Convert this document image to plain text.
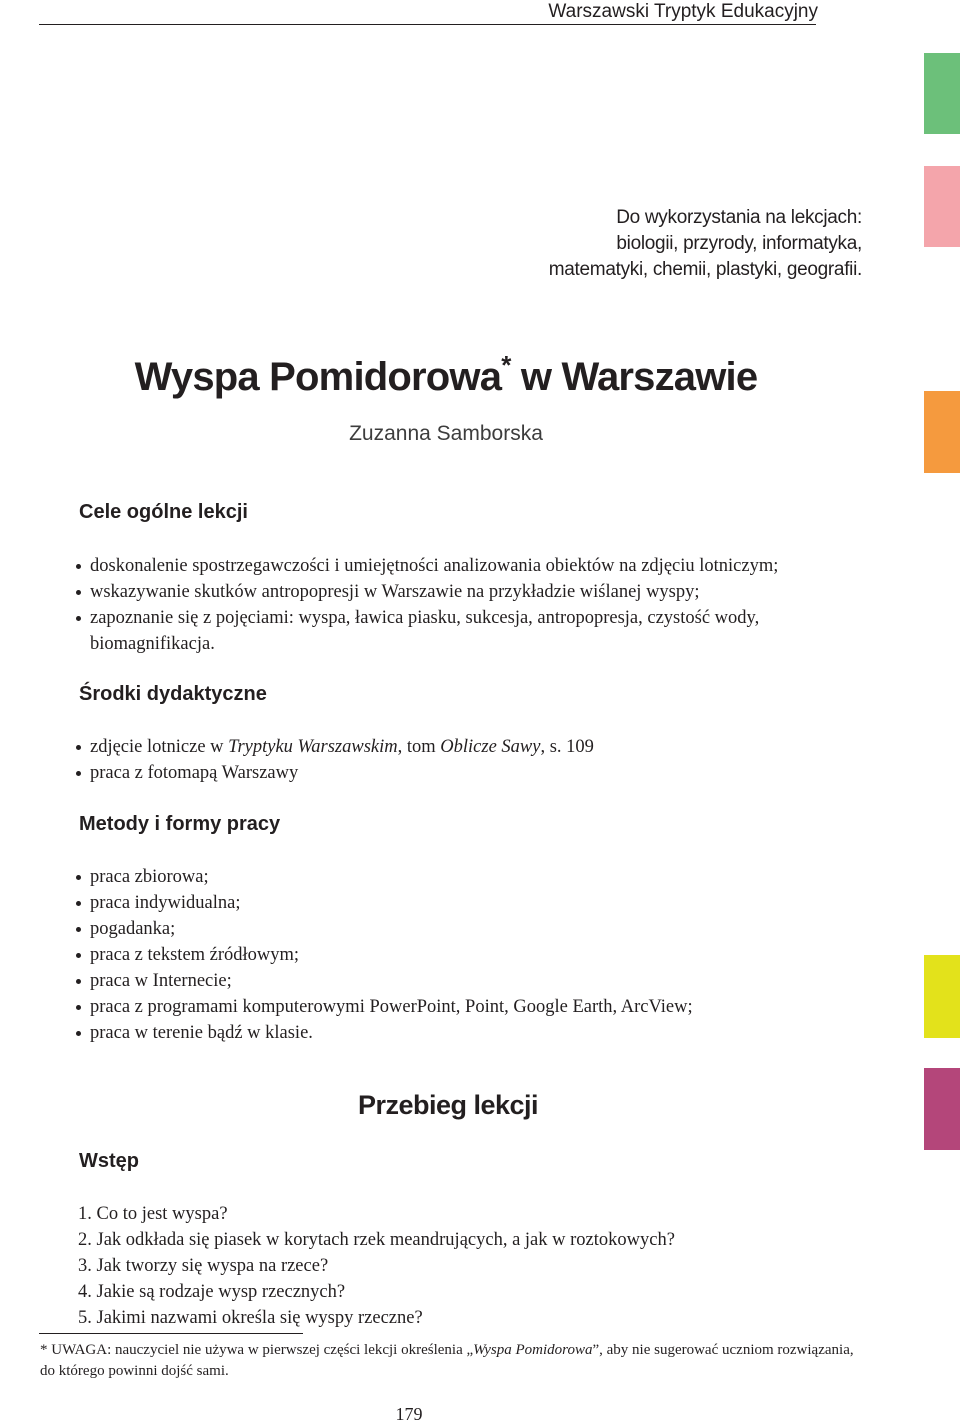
Warszawski Tryptyk Edukacyjny
Do wykorzystania na lekcjach:
biologii, przyrody, informatyka,
matematyki, chemii, plastyki, geografii.
Wyspa Pomidorowa* w Warszawie
Zuzanna Samborska
Cele ogólne lekcji
doskonalenie spostrzegawczości i umiejętności analizowania obiektów na zdjęciu lotniczym;
wskazywanie skutków antropopresji w Warszawie na przykładzie wiślanej wyspy;
zapoznanie się z pojęciami: wyspa, ławica piasku, sukcesja, antropopresja, czystość wody, biomagnifikacja.
Środki dydaktyczne
zdjęcie lotnicze w Tryptyku Warszawskim, tom Oblicze Sawy, s. 109
praca z fotomapą Warszawy
Metody i formy pracy
praca zbiorowa;
praca indywidualna;
pogadanka;
praca z tekstem źródłowym;
praca w Internecie;
praca z programami komputerowymi PowerPoint, Point, Google Earth, ArcView;
praca w terenie bądź w klasie.
Przebieg lekcji
Wstęp
1. Co to jest wyspa?
2. Jak odkłada się piasek w korytach rzek meandrujących, a jak w roztokowych?
3. Jak tworzy się wyspa na rzece?
4. Jakie są rodzaje wysp rzecznych?
5. Jakimi nazwami określa się wyspy rzeczne?
* UWAGA: nauczyciel nie używa w pierwszej części lekcji określenia „Wyspa Pomidorowa”, aby nie sugerować uczniom rozwiązania, do którego powinni dojść sami.
179
